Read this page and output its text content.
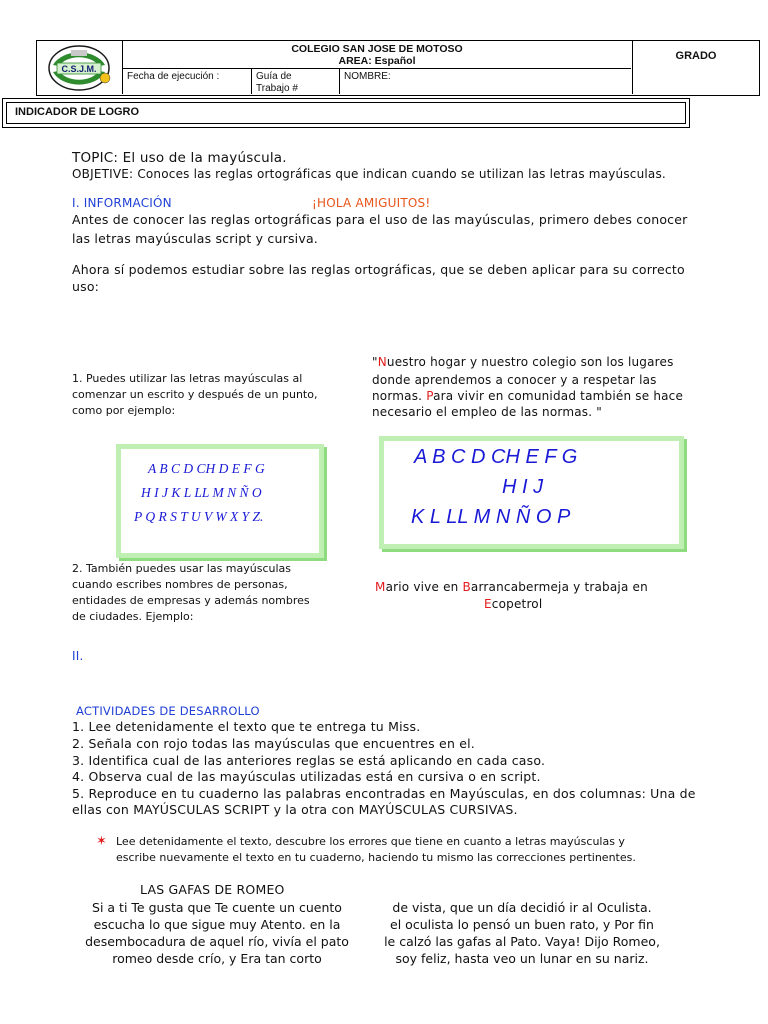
C.S.J.M.
COLEGIO SAN JOSE DE MOTOSO
AREA: Español	GRADO
Fecha de ejecución :	Guía de
Trabajo #
NOMBRE:
INDICADOR DE LOGRO
TOPIC: El uso de la mayúscula.
OBJETIVE: Conoces las reglas ortográficas que indican cuando se utilizan las letras mayúsculas.
I. INFORMACIÓN	¡HOLA AMIGUITOS!
Antes de conocer las reglas ortográficas para el uso de las mayúsculas, primero debes conocer
las letras mayúsculas script y cursiva.
Ahora sí podemos estudiar sobre las reglas ortográficas, que se deben aplicar para su correcto
uso:
"Nuestro hogar y nuestro colegio son los lugares
donde aprendemos a conocer y a respetar las
normas. Para vivir en comunidad también se hace
necesario el empleo de las normas. "
1. Puedes utilizar las letras mayúsculas al
comenzar un escrito y después de un punto,
como por ejemplo:
A B C D CH D E F G
H I J K L LL M N Ñ O
P Q R S T U V W X Y Z.
A B C D CH E F G
H I J
K L LL M N Ñ O P
2. También puedes usar las mayúsculas
cuando escribes nombres de personas,
entidades de empresas y además nombres
de ciudades. Ejemplo:
Mario vive en Barrancabermeja y trabaja en
Ecopetrol
II.
ACTIVIDADES DE DESARROLLO
1. Lee detenidamente el texto que te entrega tu Miss.
2. Señala con rojo todas las mayúsculas que encuentres en el.
3. Identifica cual de las anteriores reglas se está aplicando en cada caso.
4. Observa cual de las mayúsculas utilizadas está en cursiva o en script.
5. Reproduce en tu cuaderno las palabras encontradas en Mayúsculas, en dos columnas: Una de
ellas con MAYÚSCULAS SCRIPT y la otra con MAYÚSCULAS CURSIVAS.
✶ Lee detenidamente el texto, descubre los errores que tiene en cuanto a letras mayúsculas y
escribe nuevamente el texto en tu cuaderno, haciendo tu mismo las correcciones pertinentes.
LAS GAFAS DE ROMEO
Si a ti Te gusta que Te cuente un cuento
escucha lo que sigue muy Atento. en la
desembocadura de aquel río, vivía el pato
romeo desde crío, y Era tan corto
de vista, que un día decidió ir al Oculista.
el oculista lo pensó un buen rato, y Por fin
le calzó las gafas al Pato. Vaya! Dijo Romeo,
soy feliz, hasta veo un lunar en su nariz.
